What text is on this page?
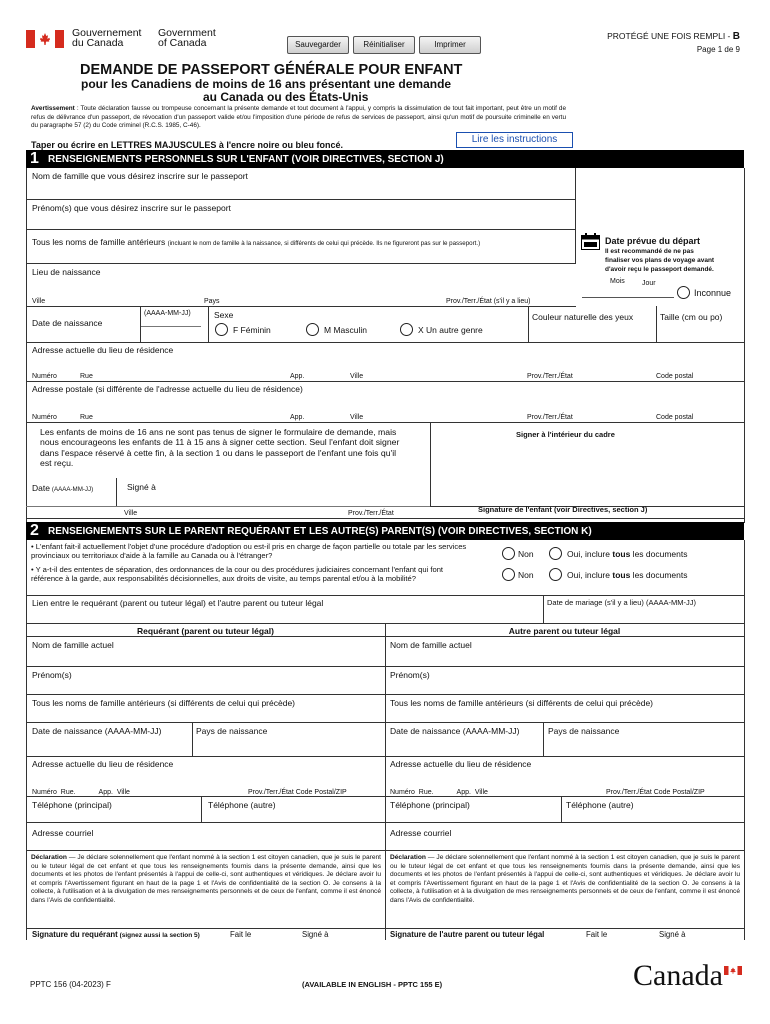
Gouvernement
du Canada
Government
of Canada	Sauvegarder	Réinitialiser	Imprimer
PROTÉGÉ UNE FOIS REMPLI - B
Page 1 de 9
DEMANDE DE PASSEPORT GÉNÉRALE POUR ENFANT
pour les Canadiens de moins de 16 ans présentant une demande
au Canada ou des États-Unis
Avertissement : Toute déclaration fausse ou trompeuse concernant la présente demande et tout document à l'appui, y compris la dissimulation de tout fait important, peut être un motif de refus de délivrance d'un passeport, de révocation d'un passeport valide et/ou l'imposition d'une période de refus de services de passeport, ainsi qu'un motif de poursuite criminelle en vertu du paragraphe 57 (2) du Code criminel (R.C.S. 1985, C-46).
Taper ou écrire en LETTRES MAJUSCULES à l'encre noire ou bleu foncé.	Lire les instructions
1 RENSEIGNEMENTS PERSONNELS SUR L'ENFANT (VOIR DIRECTIVES, SECTION J)
Nom de famille que vous désirez inscrire sur le passeport
Prénom(s) que vous désirez inscrire sur le passeport
Tous les noms de famille antérieurs (incluant le nom de famille à la naissance, si différents de celui qui précède. Ils ne figureront pas sur le passeport.)	Date prévue du départ
Il est recommandé de ne pas
finaliser vos plans de voyage avant
d'avoir reçu le passeport demandé.
Mois Jour
Inconnue
Lieu de naissance
Ville	Pays	Prov./Terr./État (s'il y a lieu)
Date de naissance
(AAAA-MM-JJ)	Sexe
F Féminin	M Masculin	X Un autre genre
Couleur naturelle des yeux	Taille (cm ou po)
Adresse actuelle du lieu de résidence
Numéro	Rue	App.	Ville	Prov./Terr./État	Code postal
Adresse postale (si différente de l'adresse actuelle du lieu de résidence)
Numéro	Rue	App.	Ville	Prov./Terr./État	Code postal
Les enfants de moins de 16 ans ne sont pas tenus de signer le formulaire de demande, mais nous encourageons les enfants de 11 à 15 ans à signer cette section. Seul l'enfant doit signer dans l'espace réservé à cette fin, à la section 1 ou dans le passeport de l'enfant une fois qu'il est reçu.
Signer à l'intérieur du cadre
Date (AAAA-MM-JJ)	Signé à
Ville	Prov./Terr./État	Signature de l'enfant (voir Directives, section J)
2 RENSEIGNEMENTS SUR LE PARENT REQUÉRANT ET LES AUTRE(S) PARENT(S) (VOIR DIRECTIVES, SECTION K)
• L'enfant fait-il actuellement l'objet d'une procédure d'adoption ou est-il pris en charge de façon partielle ou totale par les services provinciaux ou territoriaux d'aide à la famille au Canada ou à l'étranger?	Non	Oui, inclure tous les documents
• Y a-t-il des ententes de séparation, des ordonnances de la cour ou des procédures judiciaires concernant l'enfant qui font référence à la garde, aux responsabilités décisionnelles, aux droits de visite, au temps parental et/ou à la mobilité?	Non	Oui, inclure tous les documents
Lien entre le requérant (parent ou tuteur légal) et l'autre parent ou tuteur légal	Date de mariage (s'il y a lieu) (AAAA-MM-JJ)
Requérant (parent ou tuteur légal)	Autre parent ou tuteur légal
Nom de famille actuel	Nom de famille actuel
Prénom(s)	Prénom(s)
Tous les noms de famille antérieurs (si différents de celui qui précède)	Tous les noms de famille antérieurs (si différents de celui qui précède)
Date de naissance (AAAA-MM-JJ)	Pays de naissance	Date de naissance (AAAA-MM-JJ)	Pays de naissance
Adresse actuelle du lieu de résidence	Adresse actuelle du lieu de résidence
Numéro  Rue.            App.  Ville	Prov./Terr./État Code Postal/ZIP	Numéro  Rue.            App.  Ville	Prov./Terr./État Code Postal/ZIP
Téléphone (principal)	Téléphone (autre)	Téléphone (principal)	Téléphone (autre)
Adresse courriel	Adresse courriel
Déclaration — Je déclare solennellement que l'enfant nommé à la section 1 est citoyen canadien, que je suis le parent ou le tuteur légal de cet enfant et que tous les renseignements fournis dans la présente demande, ainsi que les documents et les photos de l'enfant présentés à l'appui de celle-ci, sont authentiques et véridiques. Je déclare avoir lu et compris l'Avertissement figurant en haut de la page 1 et l'Avis de confidentialité de la section O. Je consens à la collecte, à l'utilisation et à la divulgation de mes renseignements personnels et de ceux de l'enfant, comme il est énoncé dans l'Avis de confidentialité.
Déclaration — Je déclare solennellement que l'enfant nommé à la section 1 est citoyen canadien, que je suis le parent ou le tuteur légal de cet enfant et que tous les renseignements fournis dans la présente demande, ainsi que les documents et les photos de l'enfant présentés à l'appui de celle-ci, sont authentiques et véridiques. Je déclare avoir lu et compris l'Avertissement figurant en haut de la page 1 et l'Avis de confidentialité de la section O. Je consens à la collecte, à l'utilisation et à la divulgation de mes renseignements personnels et de ceux de l'enfant, comme il est énoncé dans l'Avis de confidentialité.
Signature du requérant (signez aussi la section 5)	Fait le	Signé à	Signature de l'autre parent ou tuteur légal	Fait le	Signé à
PPTC 156 (04-2023) F	(AVAILABLE IN ENGLISH - PPTC 155 E)	Canada
